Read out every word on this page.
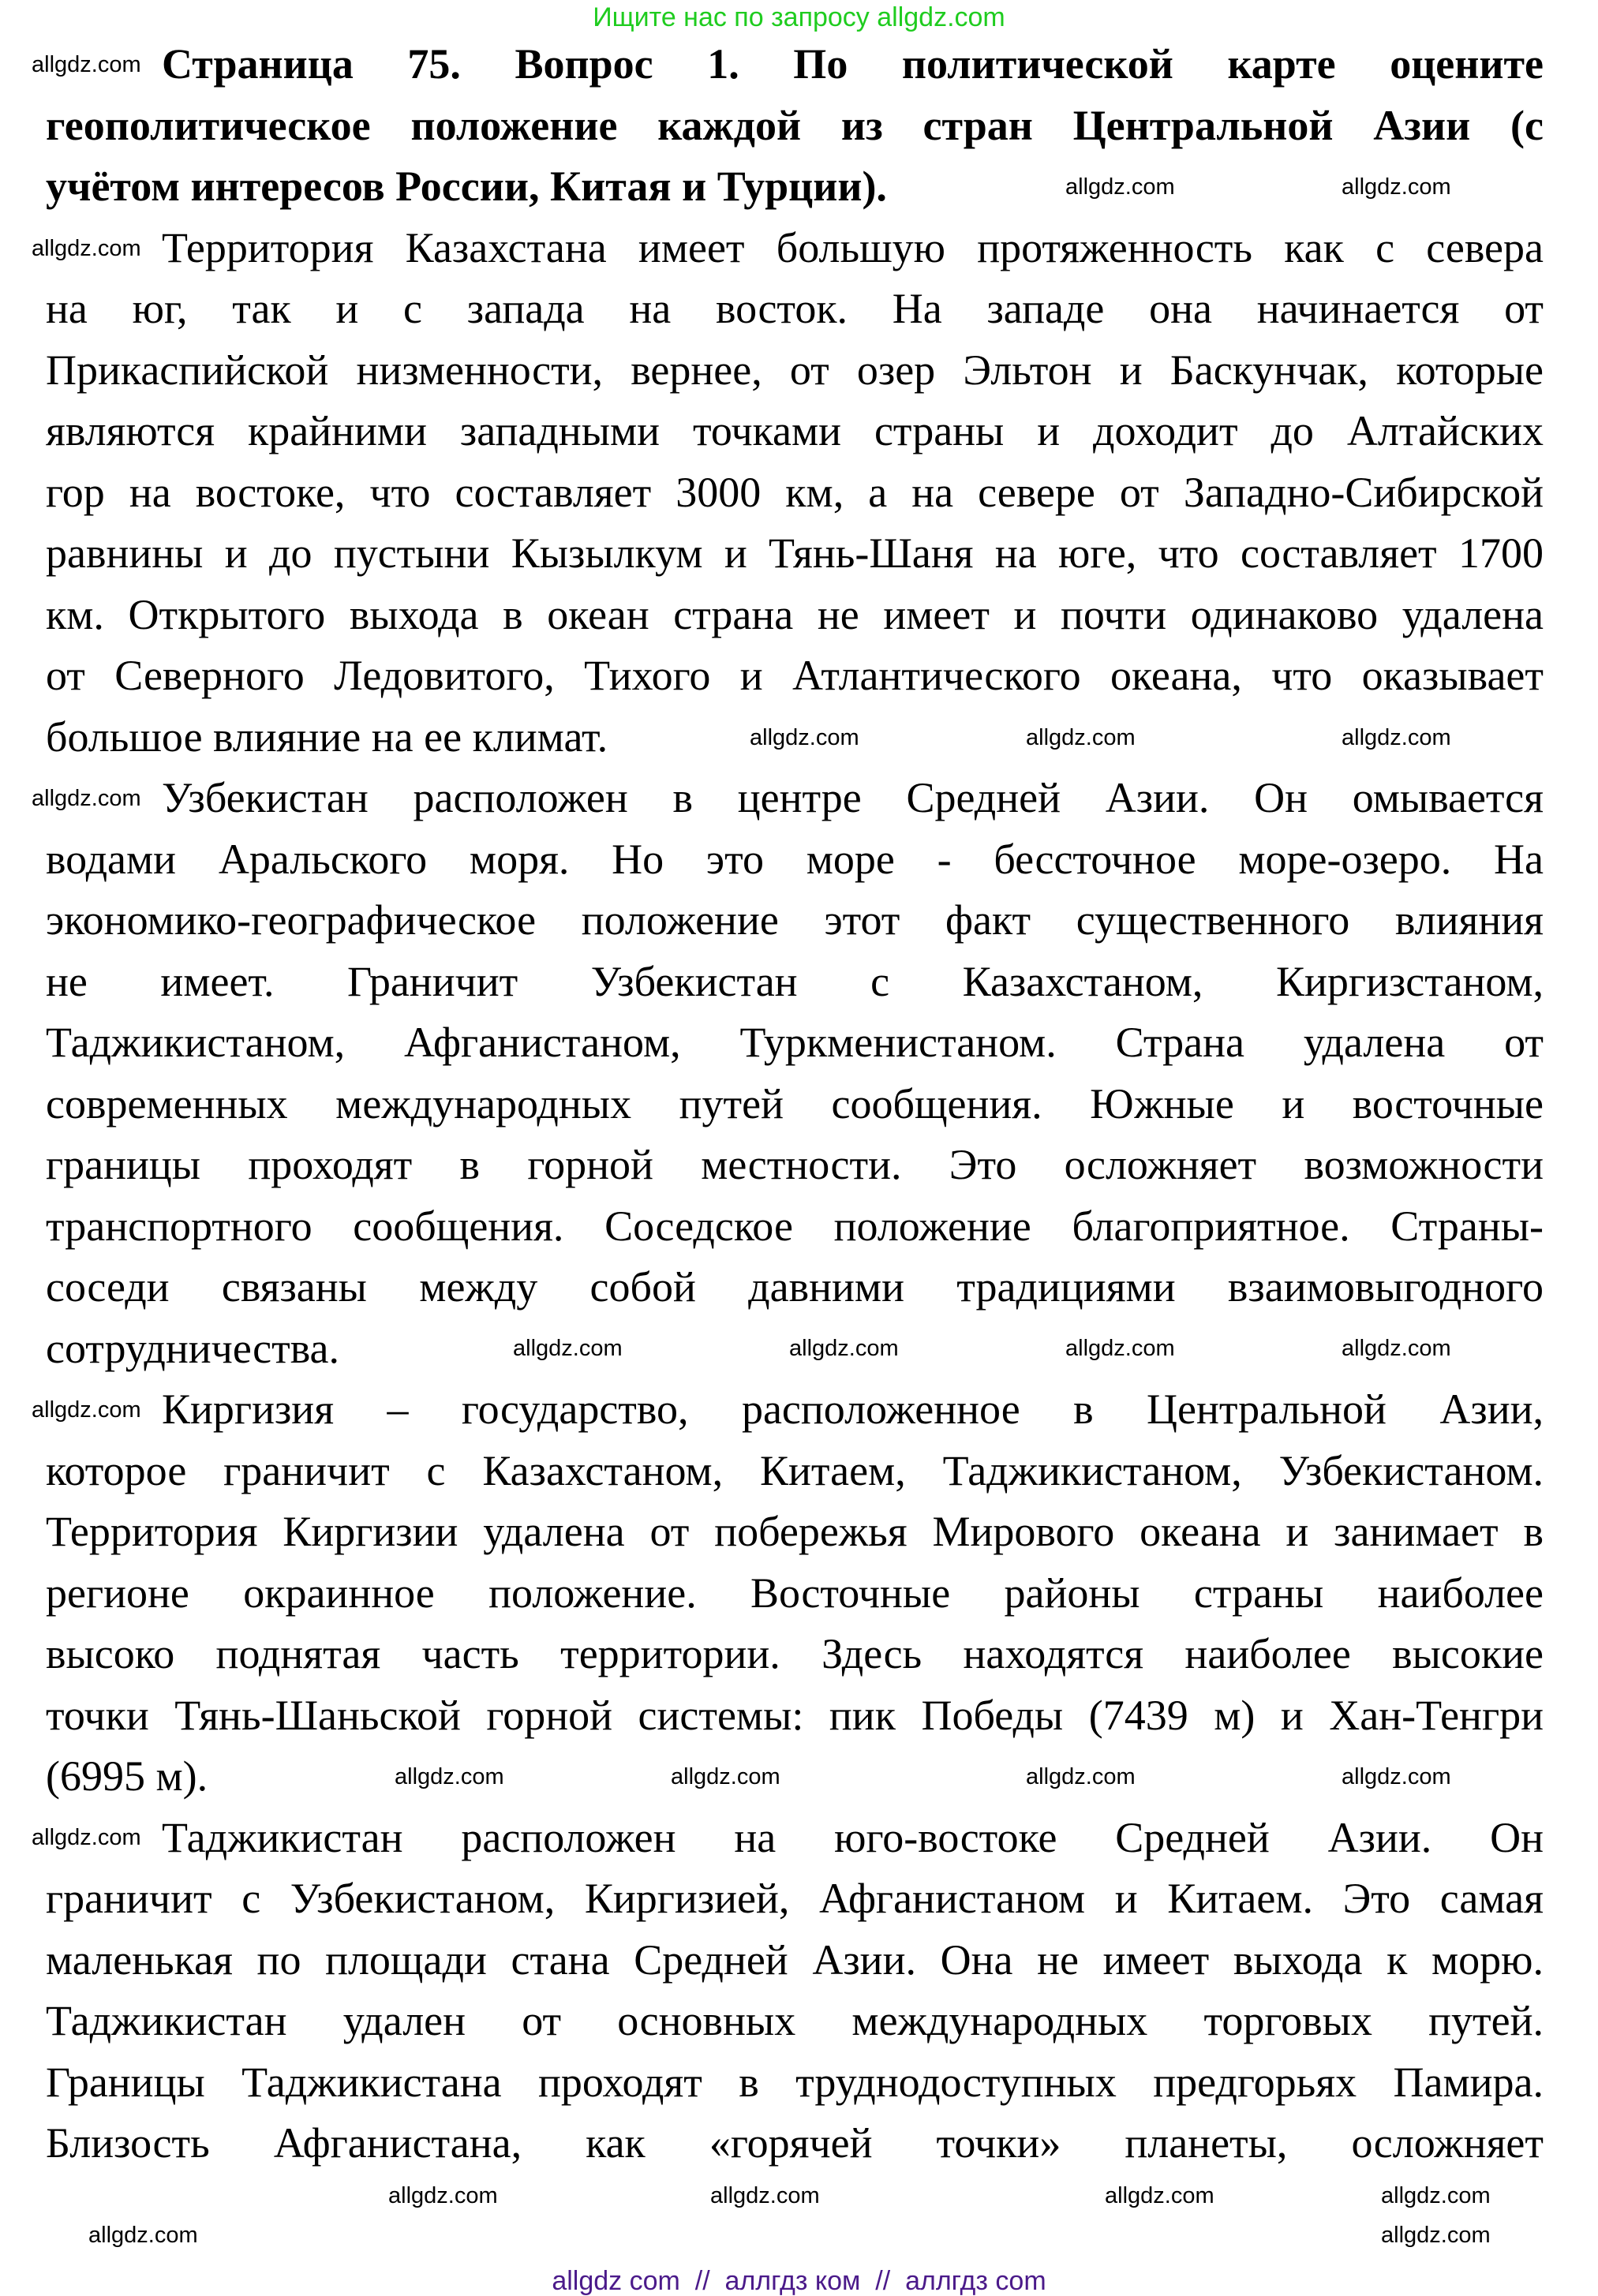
Ищите нас по запросу allgdz.com
Страница 75. Вопрос 1. По политической карте оцените
геополитическое положение каждой из стран Центральной Азии (с
учётом интересов России, Китая и Турции).
Территория Казахстана имеет большую протяженность как с севера
на юг, так и с запада на восток. На западе она начинается от
Прикаспийской низменности, вернее, от озер Эльтон и Баскунчак, которые
являются крайними западными точками страны и доходит до Алтайских
гор на востоке, что составляет 3000 км, а на севере от Западно-Сибирской
равнины и до пустыни Кызылкум и Тянь-Шаня на юге, что составляет 1700
км. Открытого выхода в океан страна не имеет и почти одинаково удалена
от Северного Ледовитого, Тихого и Атлантического океана, что оказывает
большое влияние на ее климат.
Узбекистан расположен в центре Средней Азии. Он омывается
водами Аральского моря. Но это море - бессточное море-озеро. На
экономико-географическое положение этот факт существенного влияния
не имеет. Граничит Узбекистан с Казахстаном, Киргизстаном,
Таджикистаном, Афганистаном, Туркменистаном. Страна удалена от
современных международных путей сообщения. Южные и восточные
границы проходят в горной местности. Это осложняет возможности
транспортного сообщения. Соседское положение благоприятное. Страны-
соседи связаны между собой давними традициями взаимовыгодного
сотрудничества.
Киргизия – государство, расположенное в Центральной Азии,
которое граничит с Казахстаном, Китаем, Таджикистаном, Узбекистаном.
Территория Киргизии удалена от побережья Мирового океана и занимает в
регионе окраинное положение. Восточные районы страны наиболее
высоко поднятая часть территории. Здесь находятся наиболее высокие
точки Тянь-Шаньской горной системы: пик Победы (7439 м) и Хан-Тенгри
(6995 м).
Таджикистан расположен на юго-востоке Средней Азии. Он
граничит с Узбекистаном, Киргизией, Афганистаном и Китаем. Это самая
маленькая по площади стана Средней Азии. Она не имеет выхода к морю.
Таджикистан удален от основных международных торговых путей.
Границы Таджикистана проходят в труднодоступных предгорьях Памира.
Близость Афганистана, как «горячей точки» планеты, осложняет
allgdz.com
allgdz.com
allgdz.com
allgdz.com
allgdz.com
allgdz.com	allgdz.com
allgdz.com	allgdz.com	allgdz.com
allgdz.com	allgdz.com	allgdz.com	allgdz.com
allgdz.com	allgdz.com	allgdz.com	allgdz.com
allgdz.com	allgdz.com	allgdz.com
allgdz.com	allgdz.com
allgdz.com
allgdz com  //  аллгдз ком  //  аллгдз com
